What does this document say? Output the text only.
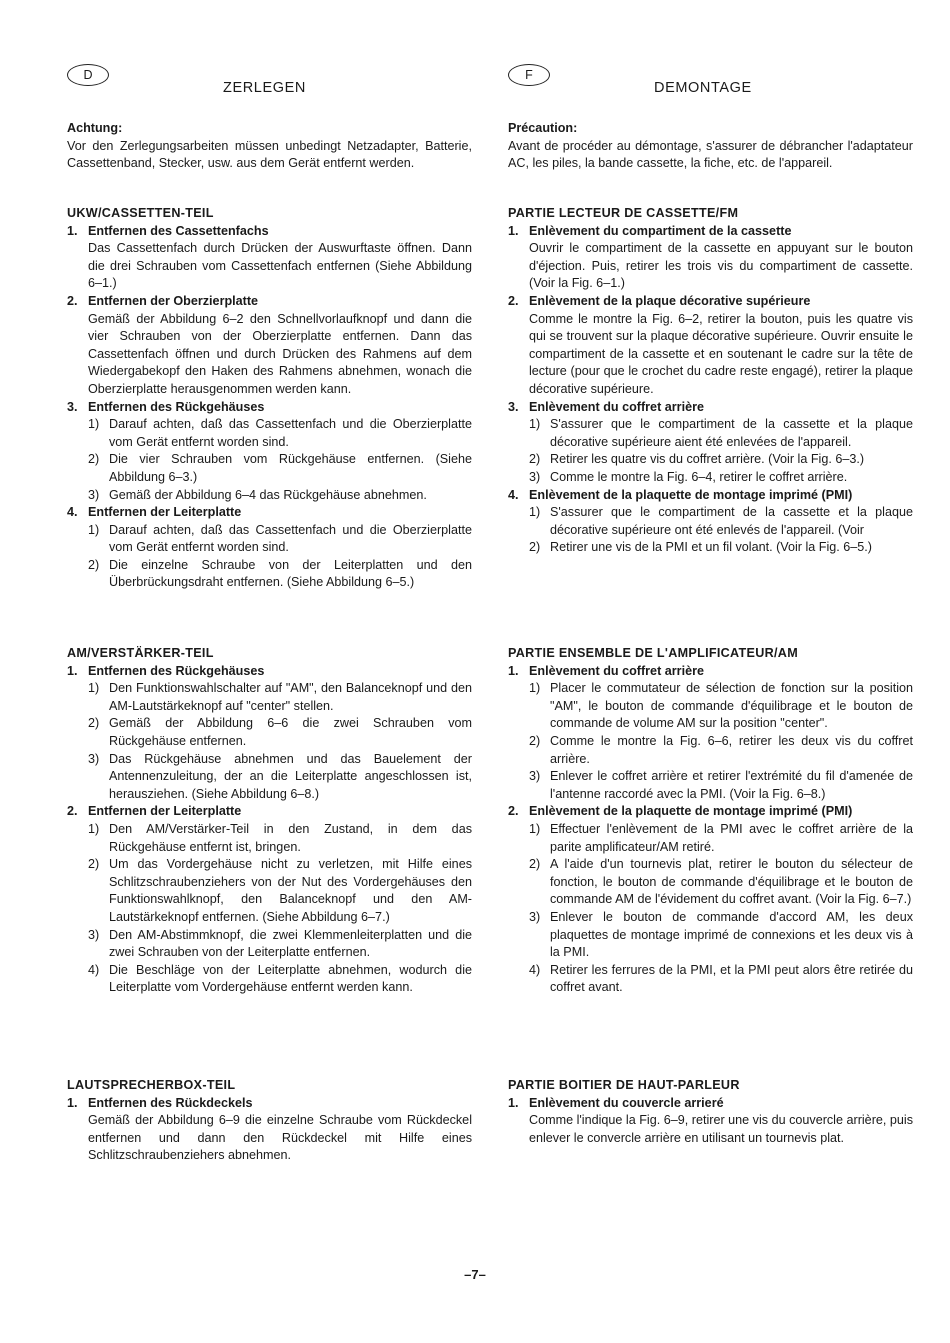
D
ZERLEGEN
Achtung:

Vor den Zerlegungsarbeiten müssen unbedingt Netzadapter, Batterie, Cassettenband, Stecker, usw. aus dem Gerät entfernt werden.

UKW/CASSETTEN-TEIL
1. Entfernen des Cassettenfachs

Das Cassettenfach durch Drücken der Auswurftaste öffnen. Dann die drei Schrauben vom Cassettenfach entfernen (Siehe Abbildung 6–1.)

2. Entfernen der Oberzierplatte

Gemäß der Abbildung 6–2 den Schnellvorlaufknopf und dann die vier Schrauben von der Oberzierplatte entfernen. Dann das Cassettenfach öffnen und durch Drücken des Rahmens auf dem Wiedergabekopf den Haken des Rahmens abnehmen, wonach die Oberzierplatte herausgenommen werden kann.

3. Entfernen des Rückgehäuses
1) Darauf achten, daß das Cassettenfach und die Oberzierplatte vom Gerät entfernt worden sind.
2) Die vier Schrauben vom Rückgehäuse entfernen. (Siehe Abbildung 6–3.)
3) Gemäß der Abbildung 6–4 das Rückgehäuse abnehmen.
4. Entfernen der Leiterplatte
1) Darauf achten, daß das Cassettenfach und die Oberzierplatte vom Gerät entfernt worden sind.
2) Die einzelne Schraube von der Leiterplatten und den Überbrückungsdraht entfernen. (Siehe Abbildung 6–5.)
AM/VERSTÄRKER-TEIL
1. Entfernen des Rückgehäuses
1) Den Funktionswahlschalter auf "AM", den Balanceknopf und den AM-Lautstärkeknopf auf "center" stellen.
2) Gemäß der Abbildung 6–6 die zwei Schrauben vom Rückgehäuse entfernen.
3) Das Rückgehäuse abnehmen und das Bauelement der Antennenzuleitung, der an die Leiterplatte angeschlossen ist, herausziehen. (Siehe Abbildung 6–8.)
2. Entfernen der Leiterplatte
1) Den AM/Verstärker-Teil in den Zustand, in dem das Rückgehäuse entfernt ist, bringen.
2) Um das Vordergehäuse nicht zu verletzen, mit Hilfe eines Schlitzschraubenziehers von der Nut des Vordergehäuses den Funktionswahlknopf, den Balanceknopf und den AM-Lautstärkeknopf entfernen. (Siehe Abbildung 6–7.)
3) Den AM-Abstimmknopf, die zwei Klemmenleiterplatten und die zwei Schrauben von der Leiterplatte entfernen.
4) Die Beschläge von der Leiterplatte abnehmen, wodurch die Leiterplatte vom Vordergehäuse entfernt werden kann.
LAUTSPRECHERBOX-TEIL
1. Entfernen des Rückdeckels

Gemäß der Abbildung 6–9 die einzelne Schraube vom Rückdeckel entfernen und dann den Rückdeckel mit Hilfe eines Schlitzschraubenziehers abnehmen.

F
DEMONTAGE
Précaution:

Avant de procéder au démontage, s'assurer de débrancher l'adaptateur AC, les piles, la bande cassette, la fiche, etc. de l'appareil.

PARTIE LECTEUR DE CASSETTE/FM
1. Enlèvement du compartiment de la cassette

Ouvrir le compartiment de la cassette en appuyant sur le bouton d'éjection. Puis, retirer les trois vis du compartiment de cassette. (Voir la Fig. 6–1.)

2. Enlèvement de la plaque décorative supérieure

Comme le montre la Fig. 6–2, retirer la bouton, puis les quatre vis qui se trouvent sur la plaque décorative supérieure. Ouvrir ensuite le compartiment de la cassette et en soutenant le cadre sur la tête de lecture (pour que le crochet du cadre reste engagé), retirer la plaque décorative supérieure.

3. Enlèvement du coffret arrière
1) S'assurer que le compartiment de la cassette et la plaque décorative supérieure aient été enlevées de l'appareil.
2) Retirer les quatre vis du coffret arrière. (Voir la Fig. 6–3.)
3) Comme le montre la Fig. 6–4, retirer le coffret arrière.
4. Enlèvement de la plaquette de montage imprimé (PMI)
1) S'assurer que le compartiment de la cassette et la plaque décorative supérieure ont été enlevés de l'appareil. (Voir
2) Retirer une vis de la PMI et un fil volant. (Voir la Fig. 6–5.)
PARTIE ENSEMBLE DE L'AMPLIFICATEUR/AM
1. Enlèvement du coffret arrière
1) Placer le commutateur de sélection de fonction sur la position "AM", le bouton de commande d'équilibrage et le bouton de commande de volume AM sur la position "center".
2) Comme le montre la Fig. 6–6, retirer les deux vis du coffret arrière.
3) Enlever le coffret arrière et retirer l'extrémité du fil d'amenée de l'antenne raccordé avec la PMI. (Voir la Fig. 6–8.)
2. Enlèvement de la plaquette de montage imprimé (PMI)
1) Effectuer l'enlèvement de la PMI avec le coffret arrière de la parite amplificateur/AM retiré.
2) A l'aide d'un tournevis plat, retirer le bouton du sélecteur de fonction, le bouton de commande d'équilibrage et le bouton de commande AM de l'évidement du coffret avant. (Voir la Fig. 6–7.)
3) Enlever le bouton de commande d'accord AM, les deux plaquettes de montage imprimé de connexions et les deux vis à la PMI.
4) Retirer les ferrures de la PMI, et la PMI peut alors être retirée du coffret avant.
PARTIE BOITIER DE HAUT-PARLEUR
1. Enlèvement du couvercle arrieré

Comme l'indique la Fig. 6–9, retirer une vis du couvercle arrière, puis enlever le convercle arrière en utilisant un tournevis plat.

–7–
